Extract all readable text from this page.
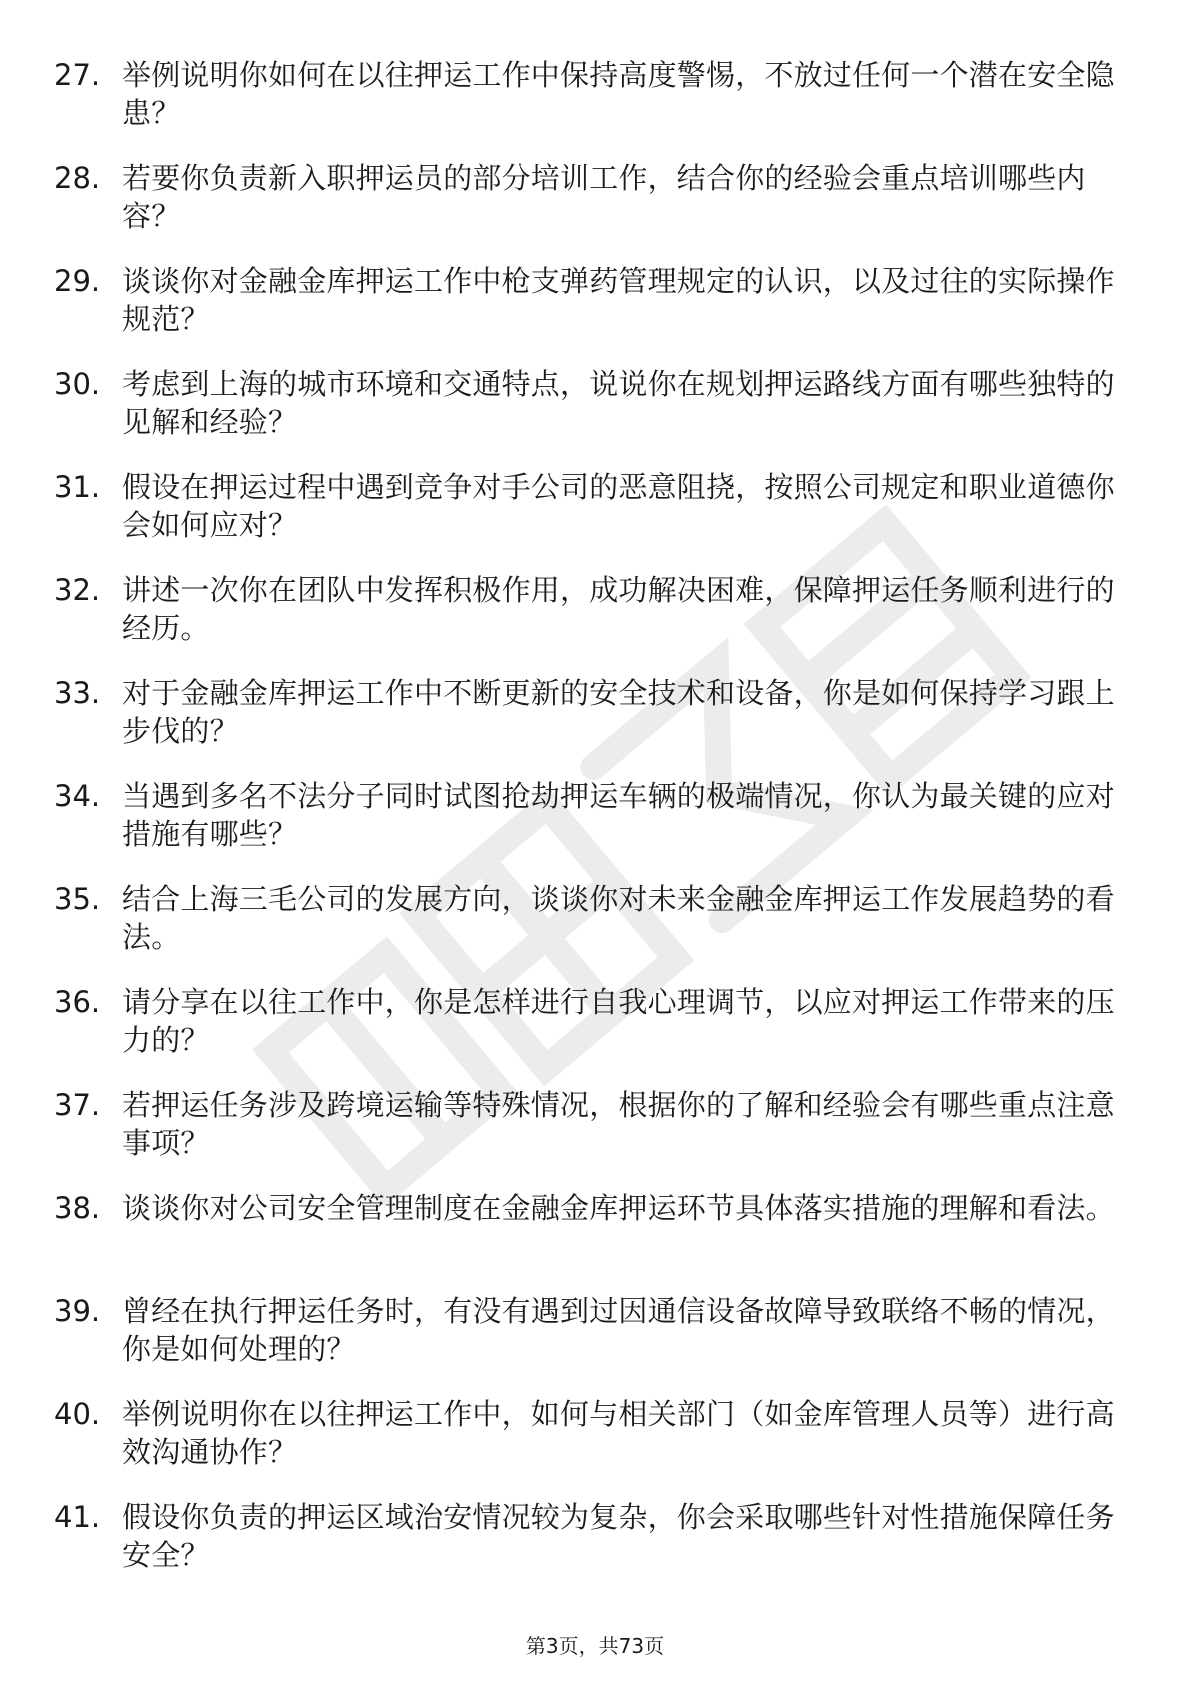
27. 举例说明你如何在以往押运工作中保持高度警惕，不放过任何一个潜在安全隐患？
28. 若要你负责新入职押运员的部分培训工作，结合你的经验会重点培训哪些内容？
29. 谈谈你对金融金库押运工作中枪支弹药管理规定的认识，以及过往的实际操作规范？
30. 考虑到上海的城市环境和交通特点，说说你在规划押运路线方面有哪些独特的见解和经验？
31. 假设在押运过程中遇到竞争对手公司的恶意阻挠，按照公司规定和职业道德你会如何应对？
32. 讲述一次你在团队中发挥积极作用，成功解决困难，保障押运任务顺利进行的经历。
33. 对于金融金库押运工作中不断更新的安全技术和设备，你是如何保持学习跟上步伐的？
34. 当遇到多名不法分子同时试图抢劫押运车辆的极端情况，你认为最关键的应对措施有哪些？
35. 结合上海三毛公司的发展方向，谈谈你对未来金融金库押运工作发展趋势的看法。
36. 请分享在以往工作中，你是怎样进行自我心理调节，以应对押运工作带来的压力的？
37. 若押运任务涉及跨境运输等特殊情况，根据你的了解和经验会有哪些重点注意事项？
38. 谈谈你对公司安全管理制度在金融金库押运环节具体落实措施的理解和看法。
39. 曾经在执行押运任务时，有没有遇到过因通信设备故障导致联络不畅的情况，你是如何处理的？
40. 举例说明你在以往押运工作中，如何与相关部门（如金库管理人员等）进行高效沟通协作？
41. 假设你负责的押运区域治安情况较为复杂，你会采取哪些针对性措施保障任务安全？
第3页，共73页
